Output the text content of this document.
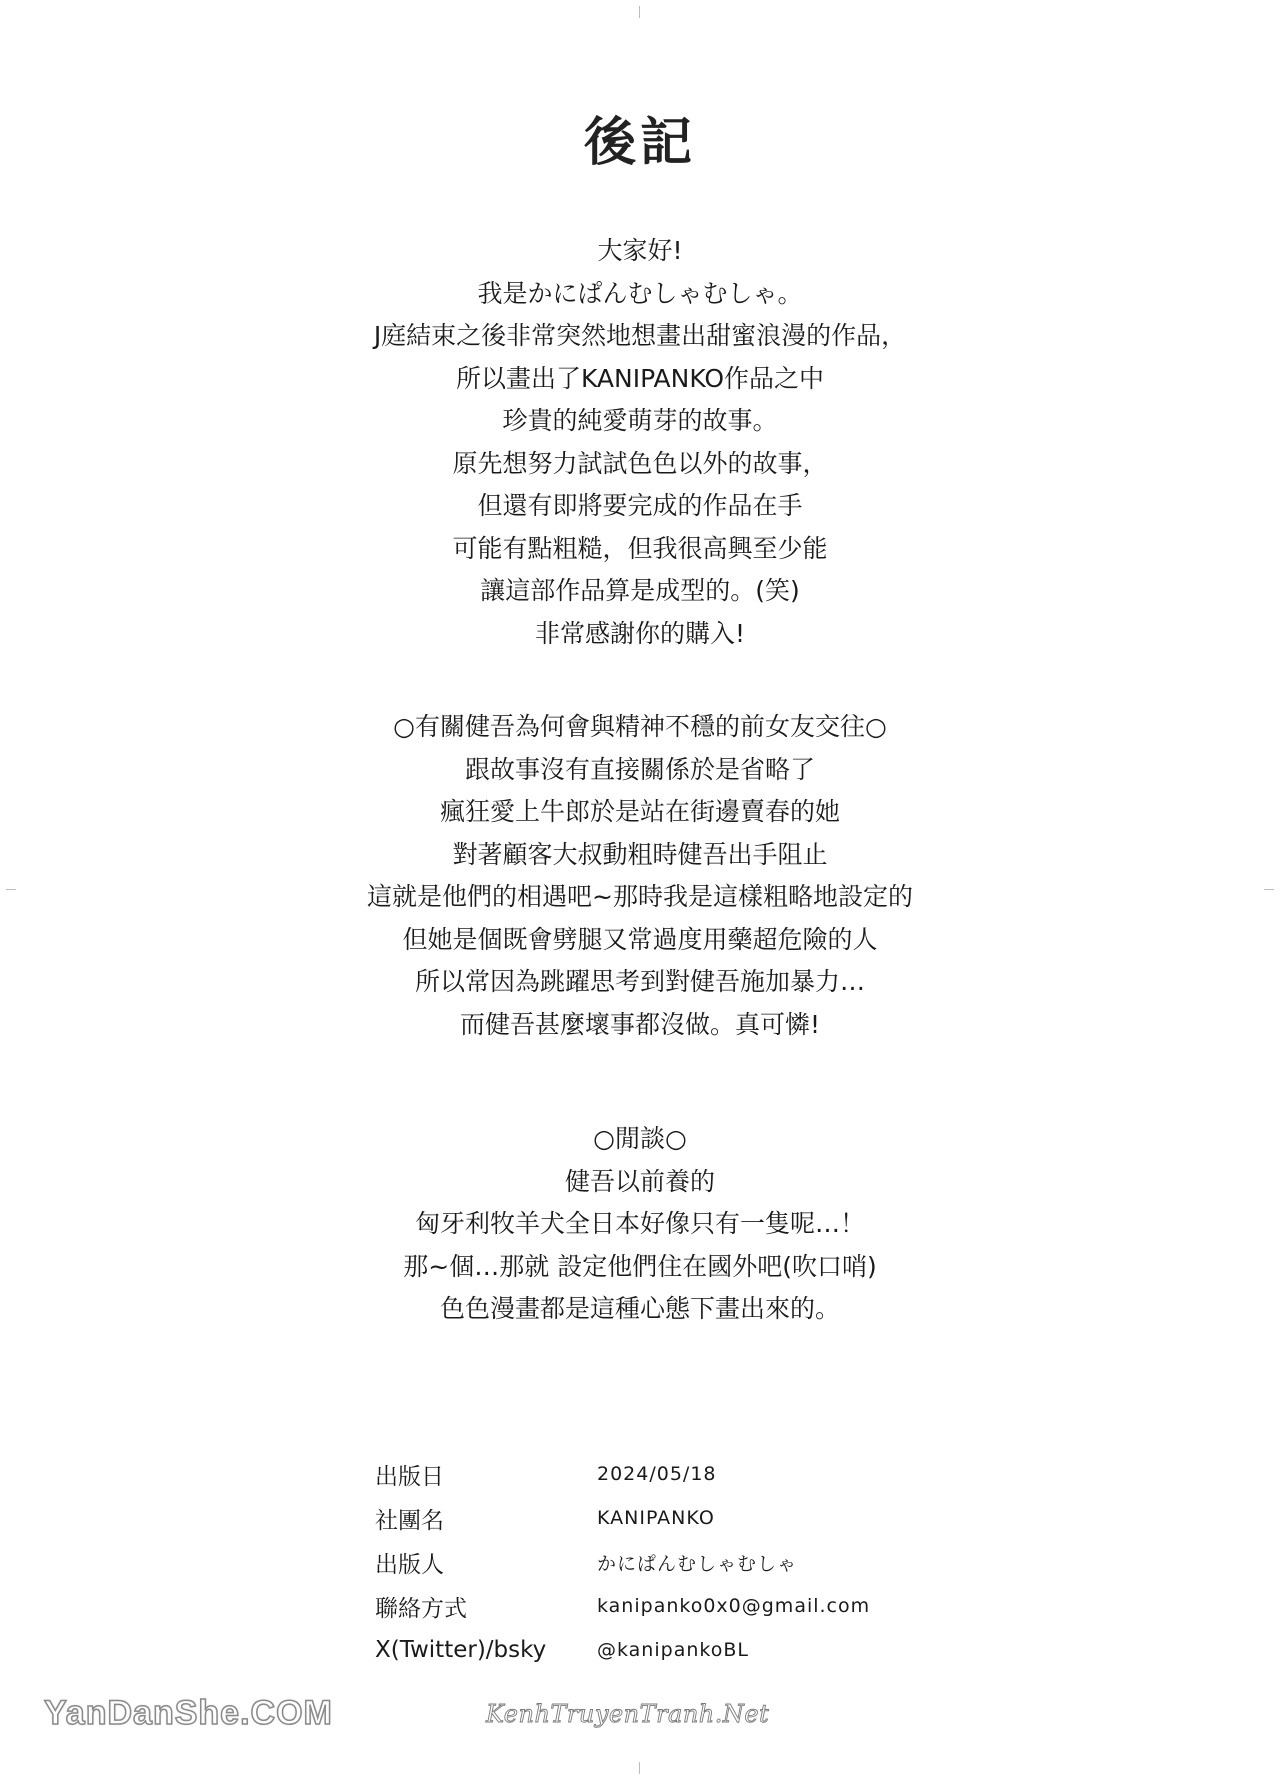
後記
大家好!
我是かにぱんむしゃむしゃ。
J庭結束之後非常突然地想畫出甜蜜浪漫的作品，
所以畫出了KANIPANKO作品之中
珍貴的純愛萌芽的故事。
原先想努力試試色色以外的故事，
但還有即將要完成的作品在手
可能有點粗糙，但我很高興至少能
讓這部作品算是成型的。(笑)
非常感謝你的購入!
○有關健吾為何會與精神不穩的前女友交往○
跟故事沒有直接關係於是省略了
瘋狂愛上牛郎於是站在街邊賣春的她
對著顧客大叔動粗時健吾出手阻止
這就是他們的相遇吧~那時我是這樣粗略地設定的
但她是個既會劈腿又常過度用藥超危險的人
所以常因為跳躍思考到對健吾施加暴力…
而健吾甚麼壞事都沒做。真可憐!
○閒談○
健吾以前養的
匈牙利牧羊犬全日本好像只有一隻呢…！
那~個…那就 設定他們住在國外吧(吹口哨)
色色漫畫都是這種心態下畫出來的。
出版日	2024/05/18
社團名	KANIPANKO
出版人	かにぱんむしゃむしゃ
聯絡方式	kanipanko0x0@gmail.com
X(Twitter)/bsky	@kanipankoBL
YanDanShe.COM	KenhTruyenTranh.Net
